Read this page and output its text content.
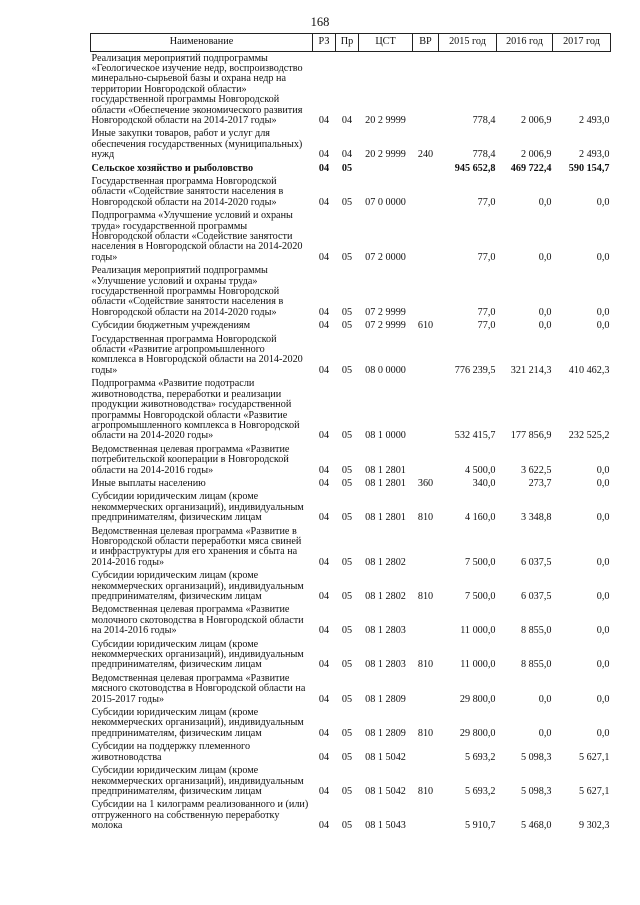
168
Наименование	РЗ	Пр	ЦСТ	ВР	2015 год	2016 год	2017 год
Реализация мероприятий подпрограммы «Геологическое изучение недр, воспроизводство минерально-сырьевой базы и охрана недр на территории Новгородской области» государственной программы Новгородской области «Обеспечение экономического развития Новгородской области на 2014-2017 годы»	04	04	20 2 9999		778,4	2 006,9	2 493,0
Иные закупки товаров, работ и услуг для обеспечения государственных (муниципальных) нужд	04	04	20 2 9999	240	778,4	2 006,9	2 493,0
Сельское хозяйство и рыболовство	04	05			945 652,8	469 722,4	590 154,7
Государственная программа Новгородской области «Содействие занятости населения в Новгородской области на 2014-2020 годы»	04	05	07 0 0000		77,0	0,0	0,0
Подпрограмма «Улучшение условий и охраны труда» государственной программы Новгородской области «Содействие занятости населения в Новгородской области на 2014-2020 годы»	04	05	07 2 0000		77,0	0,0	0,0
Реализация мероприятий подпрограммы «Улучшение условий и охраны труда» государственной программы Новгородской области «Содействие занятости населения в Новгородской области на 2014-2020 годы»	04	05	07 2 9999		77,0	0,0	0,0
Субсидии бюджетным учреждениям	04	05	07 2 9999	610	77,0	0,0	0,0
Государственная программа Новгородской области «Развитие агропромышленного комплекса в Новгородской области на 2014-2020 годы»	04	05	08 0 0000		776 239,5	321 214,3	410 462,3
Подпрограмма «Развитие подотрасли животноводства, переработки и реализации продукции животноводства» государственной программы Новгородской области «Развитие агропромышленного комплекса в Новгородской области на 2014-2020 годы»	04	05	08 1 0000		532 415,7	177 856,9	232 525,2
Ведомственная целевая программа «Развитие потребительской кооперации в Новгородской области на 2014-2016 годы»	04	05	08 1 2801		4 500,0	3 622,5	0,0
Иные выплаты населению	04	05	08 1 2801	360	340,0	273,7	0,0
Субсидии юридическим лицам (кроме некоммерческих организаций), индивидуальным предпринимателям, физическим лицам	04	05	08 1 2801	810	4 160,0	3 348,8	0,0
Ведомственная целевая программа «Развитие в Новгородской области переработки мяса свиней и инфраструктуры для его хранения и сбыта на 2014-2016 годы»	04	05	08 1 2802		7 500,0	6 037,5	0,0
Субсидии юридическим лицам (кроме некоммерческих организаций), индивидуальным предпринимателям, физическим лицам	04	05	08 1 2802	810	7 500,0	6 037,5	0,0
Ведомственная целевая программа «Развитие молочного скотоводства в Новгородской области на 2014-2016 годы»	04	05	08 1 2803		11 000,0	8 855,0	0,0
Субсидии юридическим лицам (кроме некоммерческих организаций), индивидуальным предпринимателям, физическим лицам	04	05	08 1 2803	810	11 000,0	8 855,0	0,0
Ведомственная целевая программа «Развитие мясного скотоводства в Новгородской области на 2015-2017 годы»	04	05	08 1 2809		29 800,0	0,0	0,0
Субсидии юридическим лицам (кроме некоммерческих организаций), индивидуальным предпринимателям, физическим лицам	04	05	08 1 2809	810	29 800,0	0,0	0,0
Субсидии на поддержку племенного животноводства	04	05	08 1 5042		5 693,2	5 098,3	5 627,1
Субсидии юридическим лицам (кроме некоммерческих организаций), индивидуальным предпринимателям, физическим лицам	04	05	08 1 5042	810	5 693,2	5 098,3	5 627,1
Субсидии на 1 килограмм реализованного и (или) отгруженного на собственную переработку молока	04	05	08 1 5043		5 910,7	5 468,0	9 302,3
